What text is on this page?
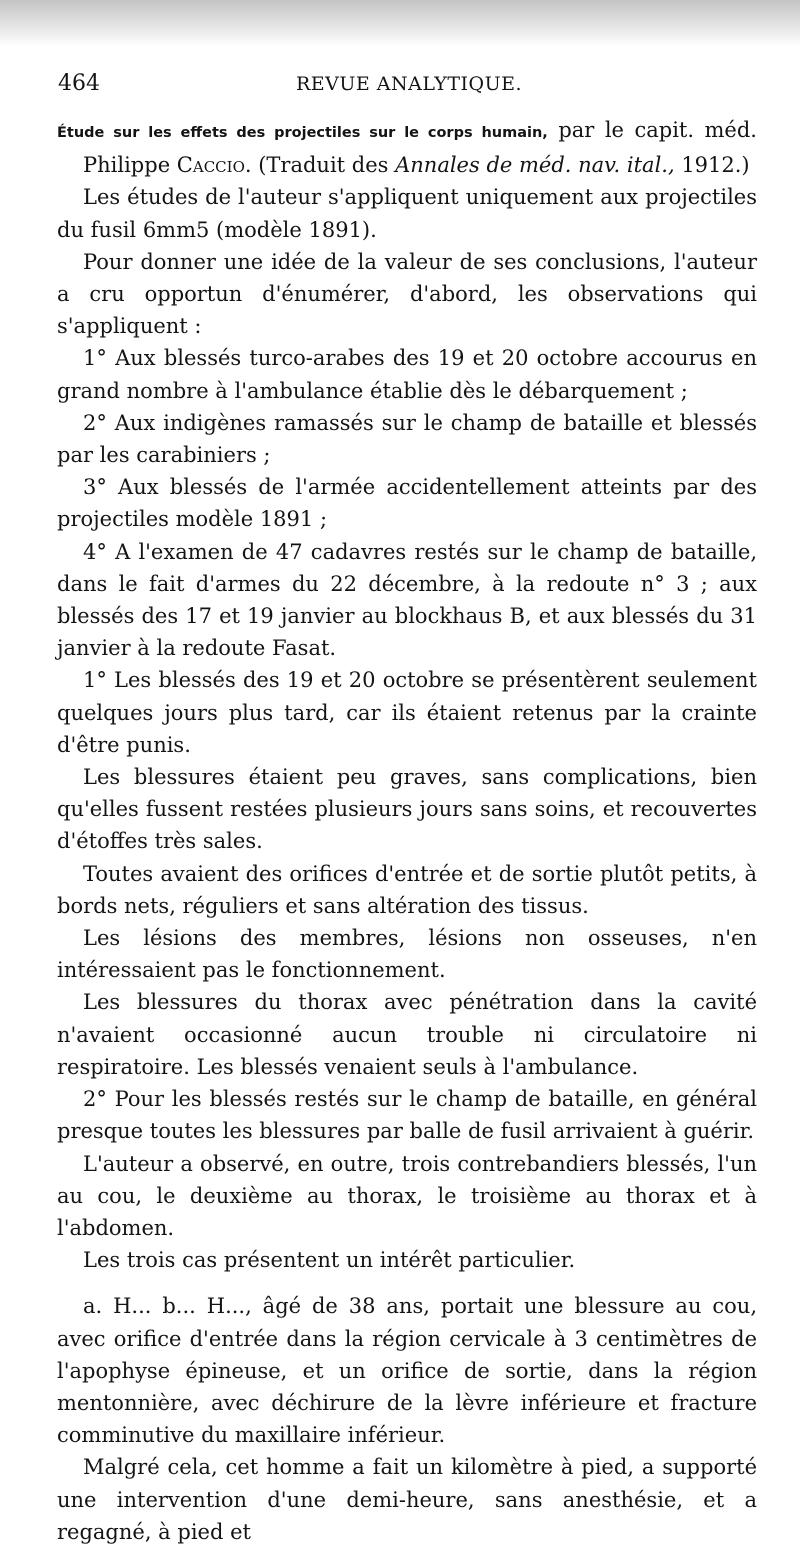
464	REVUE ANALYTIQUE.

Étude sur les effets des projectiles sur le corps humain, par le capit. méd. Philippe Caccio. (Traduit des Annales de méd. nav. ital., 1912.)

Les études de l'auteur s'appliquent uniquement aux projectiles du fusil 6mm5 (modèle 1891).

Pour donner une idée de la valeur de ses conclusions, l'auteur a cru opportun d'énumérer, d'abord, les observations qui s'appliquent :

1° Aux blessés turco-arabes des 19 et 20 octobre accourus en grand nombre à l'ambulance établie dès le débarquement ;

2° Aux indigènes ramassés sur le champ de bataille et blessés par les carabiniers ;

3° Aux blessés de l'armée accidentellement atteints par des projectiles modèle 1891 ;

4° A l'examen de 47 cadavres restés sur le champ de bataille, dans le fait d'armes du 22 décembre, à la redoute n° 3 ; aux blessés des 17 et 19 janvier au blockhaus B, et aux blessés du 31 janvier à la redoute Fasat.

1° Les blessés des 19 et 20 octobre se présentèrent seulement quelques jours plus tard, car ils étaient retenus par la crainte d'être punis.

Les blessures étaient peu graves, sans complications, bien qu'elles fussent restées plusieurs jours sans soins, et recouvertes d'étoffes très sales.

Toutes avaient des orifices d'entrée et de sortie plutôt petits, à bords nets, réguliers et sans altération des tissus.

Les lésions des membres, lésions non osseuses, n'en intéressaient pas le fonctionnement.

Les blessures du thorax avec pénétration dans la cavité n'avaient occasionné aucun trouble ni circulatoire ni respiratoire. Les blessés venaient seuls à l'ambulance.

2° Pour les blessés restés sur le champ de bataille, en général presque toutes les blessures par balle de fusil arrivaient à guérir.

L'auteur a observé, en outre, trois contrebandiers blessés, l'un au cou, le deuxième au thorax, le troisième au thorax et à l'abdomen.

Les trois cas présentent un intérêt particulier.

a. H... b... H..., âgé de 38 ans, portait une blessure au cou, avec orifice d'entrée dans la région cervicale à 3 centimètres de l'apophyse épineuse, et un orifice de sortie, dans la région mentonnière, avec déchirure de la lèvre inférieure et fracture comminutive du maxillaire inférieur.

Malgré cela, cet homme a fait un kilomètre à pied, a supporté une intervention d'une demi-heure, sans anesthésie, et a regagné, à pied et
